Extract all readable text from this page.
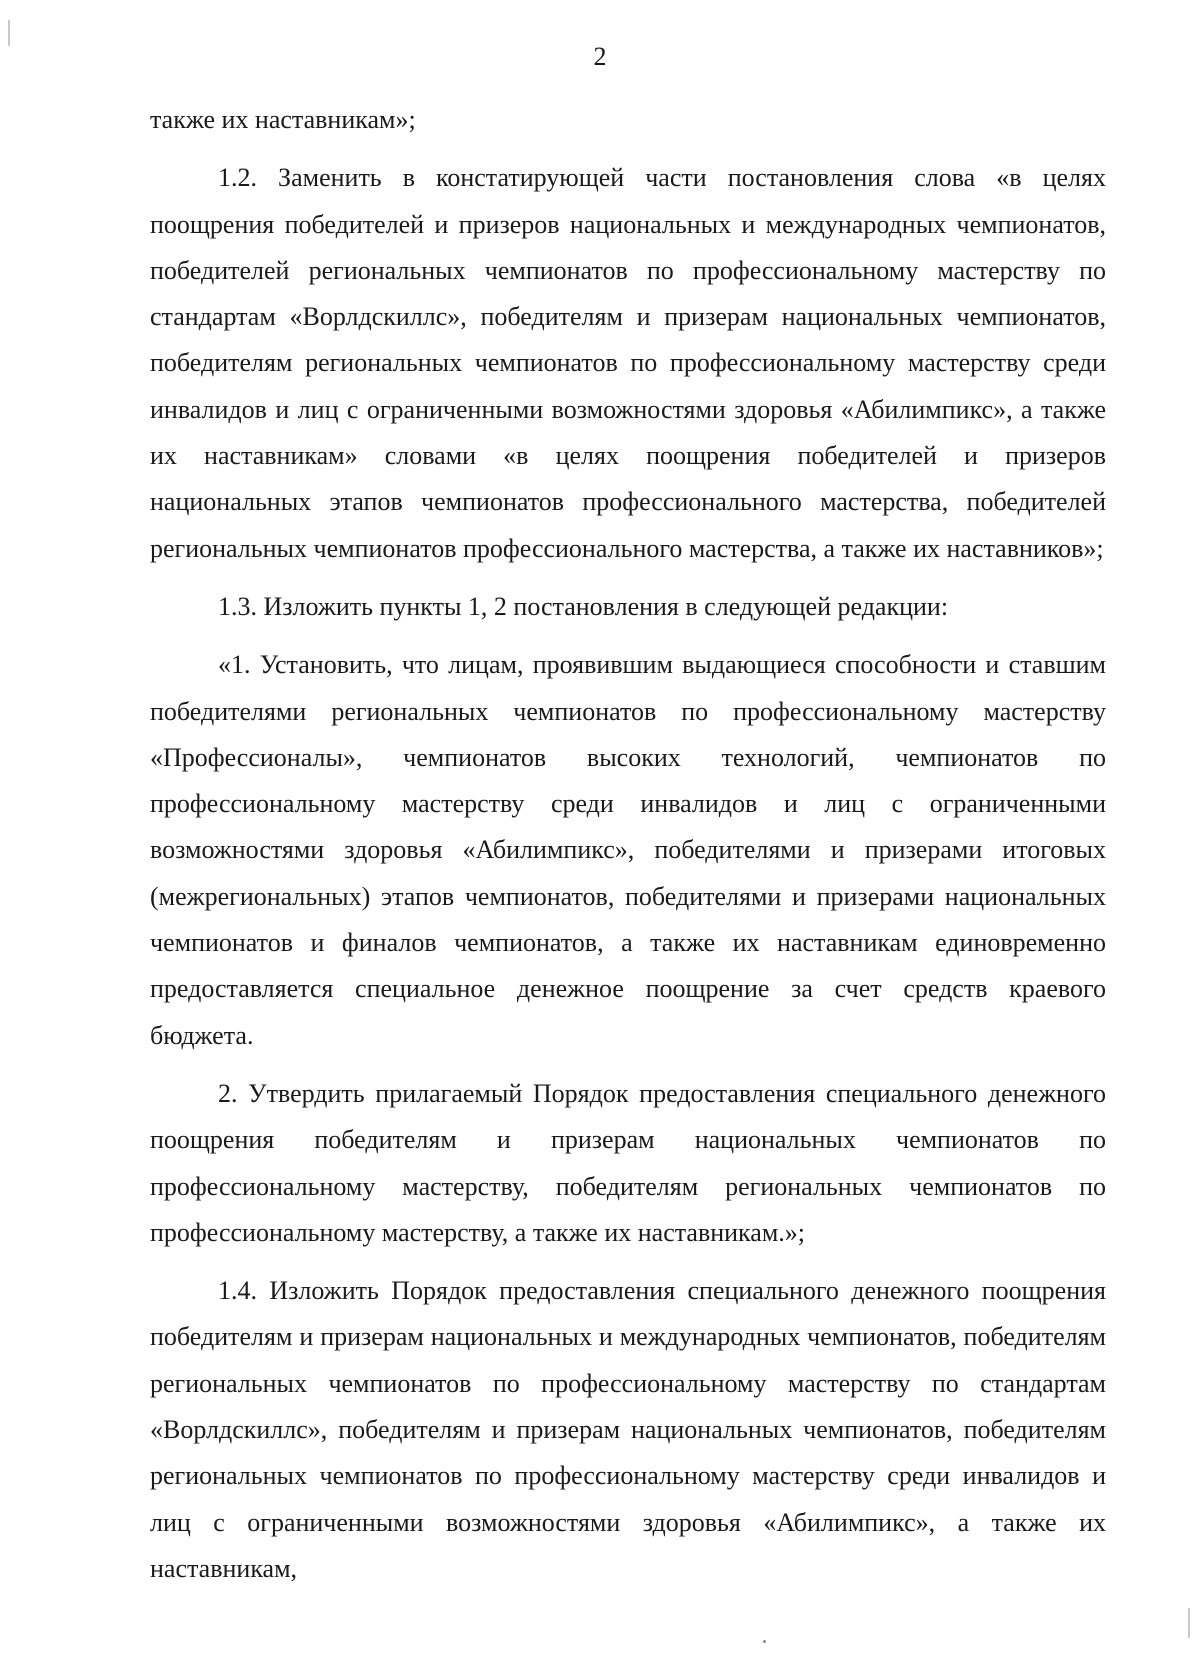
2

также их наставникам»;

1.2. Заменить в констатирующей части постановления слова «в целях поощрения победителей и призеров национальных и международных чемпионатов, победителей региональных чемпионатов по профессиональному мастерству по стандартам «Ворлдскиллс», победителям и призерам национальных чемпионатов, победителям региональных чемпионатов по профессиональному мастерству среди инвалидов и лиц с ограниченными возможностями здоровья «Абилимпикс», а также их наставникам» словами «в целях поощрения победителей и призеров национальных этапов чемпионатов профессионального мастерства, победителей региональных чемпионатов профессионального мастерства, а также их наставников»;

1.3. Изложить пункты 1, 2 постановления в следующей редакции:

«1. Установить, что лицам, проявившим выдающиеся способности и ставшим победителями региональных чемпионатов по профессиональному мастерству «Профессионалы», чемпионатов высоких технологий, чемпионатов по профессиональному мастерству среди инвалидов и лиц с ограниченными возможностями здоровья «Абилимпикс», победителями и призерами итоговых (межрегиональных) этапов чемпионатов, победителями и призерами национальных чемпионатов и финалов чемпионатов, а также их наставникам единовременно предоставляется специальное денежное поощрение за счет средств краевого бюджета.

2. Утвердить прилагаемый Порядок предоставления специального денежного поощрения победителям и призерам национальных чемпионатов по профессиональному мастерству, победителям региональных чемпионатов по профессиональному мастерству, а также их наставникам.»;

1.4. Изложить Порядок предоставления специального денежного поощрения победителям и призерам национальных и международных чемпионатов, победителям региональных чемпионатов по профессиональному мастерству по стандартам «Ворлдскиллс», победителям и призерам национальных чемпионатов, победителям региональных чемпионатов по профессиональному мастерству среди инвалидов и лиц с ограниченными возможностями здоровья «Абилимпикс», а также их наставникам,
